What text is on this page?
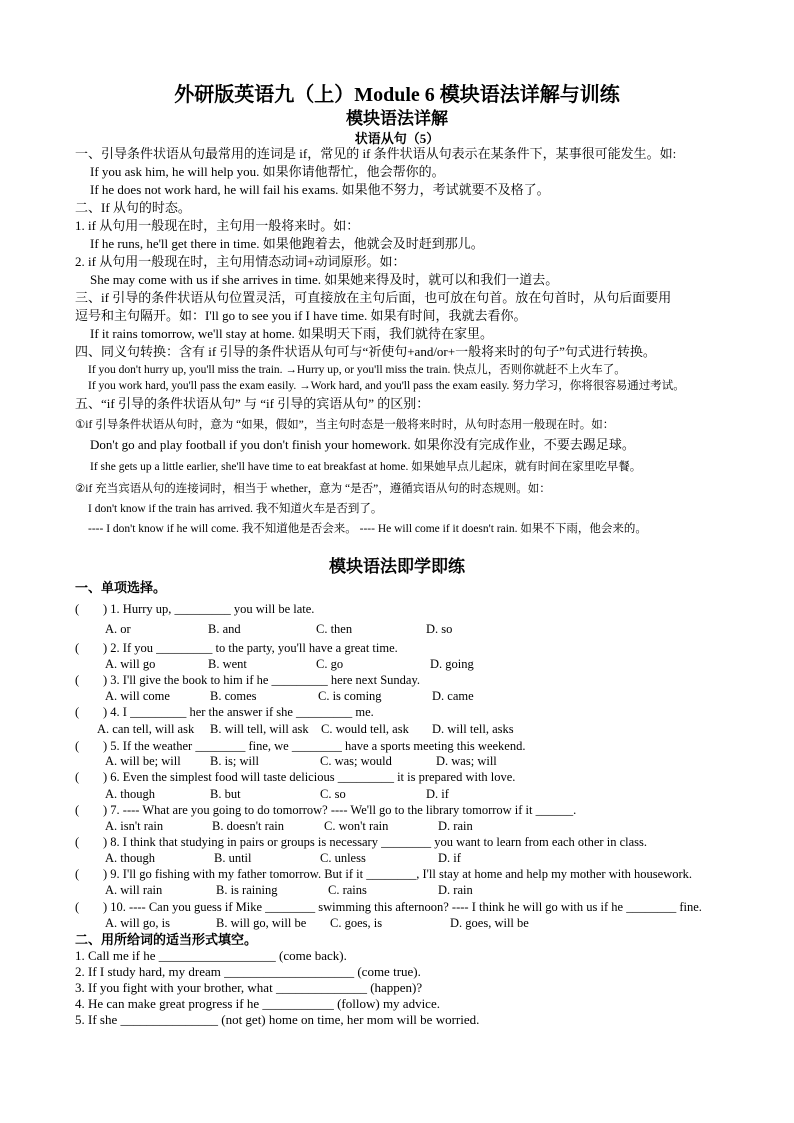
外研版英语九（上）Module 6 模块语法详解与训练
模块语法详解
状语从句（5）
一、引导条件状语从句最常用的连词是 if，常见的 if 条件状语从句表示在某条件下，某事很可能发生。如:
If you ask him, he will help you. 如果你请他帮忙，他会帮你的。
If he does not work hard, he will fail his exams. 如果他不努力，考试就要不及格了。
二、If 从句的时态。
1. if 从句用一般现在时，主句用一般将来时。如：
If he runs, he'll get there in time. 如果他跑着去，他就会及时赶到那儿。
2. if 从句用一般现在时，主句用情态动词+动词原形。如：
She may come with us if she arrives in time. 如果她来得及时，就可以和我们一道去。
三、if 引导的条件状语从句位置灵活，可直接放在主句后面，也可放在句首。放在句首时，从句后面要用
逗号和主句隔开。如：I'll go to see you if I have time. 如果有时间，我就去看你。
If it rains tomorrow, we'll stay at home. 如果明天下雨，我们就待在家里。
四、同义句转换：含有 if 引导的条件状语从句可与“祈使句+and/or+一般将来时的句子”句式进行转换。
If you don't hurry up, you'll miss the train. →Hurry up, or you'll miss the train. 快点儿，否则你就赶不上火车了。
If you work hard, you'll pass the exam easily. →Work hard, and you'll pass the exam easily. 努力学习，你将很容易通过考试。
五、“if 引导的条件状语从句” 与 “if 引导的宾语从句” 的区别：
①if 引导条件状语从句时，意为 “如果，假如”，当主句时态是一般将来时时，从句时态用一般现在时。如：
Don't go and play football if you don't finish your homework. 如果你没有完成作业，不要去踢足球。
If she gets up a little earlier, she'll have time to eat breakfast at home. 如果她早点儿起床，就有时间在家里吃早餐。
②if 充当宾语从句的连接词时，相当于 whether，意为 “是否”，遵循宾语从句的时态规则。如：
I don't know if the train has arrived. 我不知道火车是否到了。
---- I don't know if he will come. 我不知道他是否会来。 ---- He will come if it doesn't rain. 如果不下雨，他会来的。
模块语法即学即练
一、单项选择。
( ) 1. Hurry up, _________ you will be late.
A. or	B. and	C. then	D. so
( ) 2. If you _________ to the party, you'll have a great time.
A. will go	B. went	C. go	D. going
( ) 3. I'll give the book to him if he _________ here next Sunday.
A. will come	B. comes	C. is coming	D. came
( ) 4. I _________ her the answer if she _________ me.
A. can tell, will ask B. will tell, will ask C. would tell, ask D. will tell, asks
( ) 5. If the weather ________ fine, we ________ have a sports meeting this weekend.
A. will be; will B. is; will	C. was; would	D. was; will
( ) 6. Even the simplest food will taste delicious _________ it is prepared with love.
A. though	B. but	C. so	D. if
( ) 7. ---- What are you going to do tomorrow? ---- We'll go to the library tomorrow if it ______.
A. isn't rain	B. doesn't rain	C. won't rain	D. rain
( ) 8. I think that studying in pairs or groups is necessary ________ you want to learn from each other in class.
A. though	B. until	C. unless	D. if
( ) 9. I'll go fishing with my father tomorrow. But if it ________, I'll stay at home and help my mother with housework.
A. will rain	B. is raining	C. rains	D. rain
( ) 10. ---- Can you guess if Mike ________ swimming this afternoon? ---- I think he will go with us if he ________ fine.
A. will go, is	B. will go, will be C. goes, is	D. goes, will be
二、用所给词的适当形式填空。
1. Call me if he __________________ (come back).
2. If I study hard, my dream ____________________ (come true).
3. If you fight with your brother, what ______________ (happen)?
4. He can make great progress if he ___________ (follow) my advice.
5. If she _______________ (not get) home on time, her mom will be worried.
